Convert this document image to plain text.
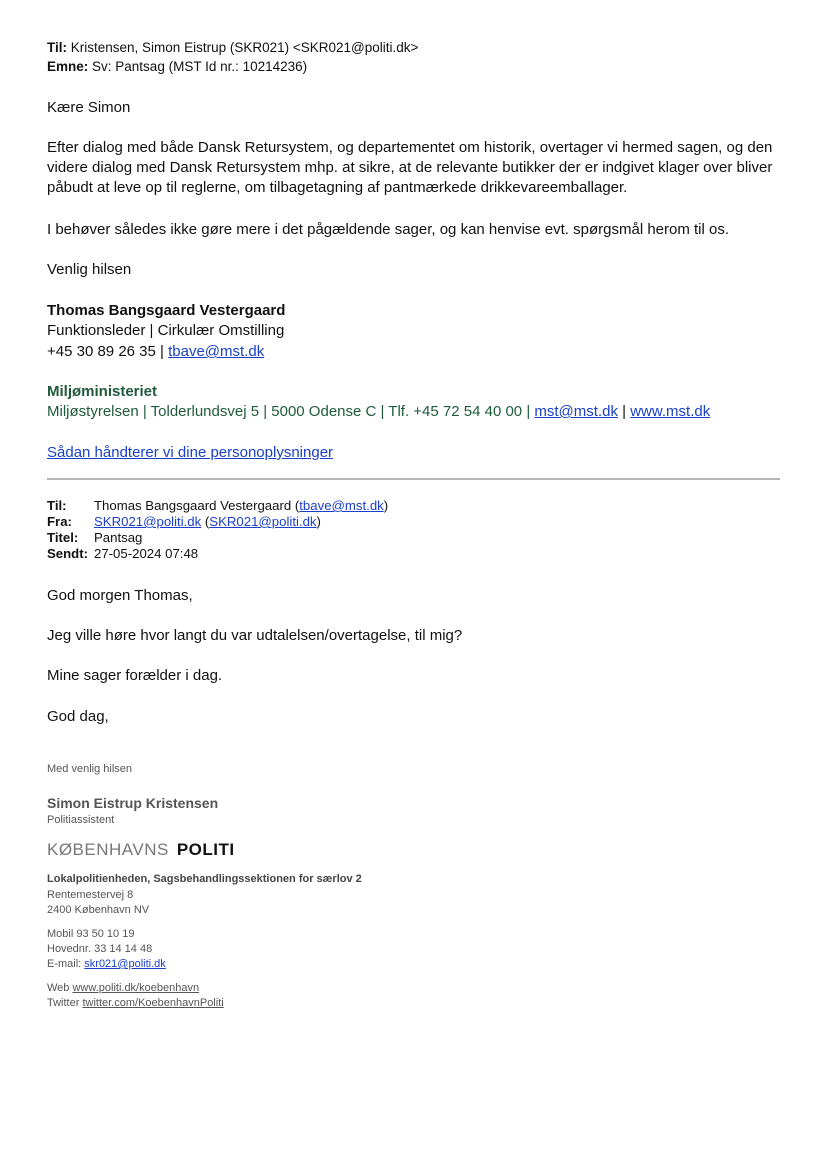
Til: Kristensen, Simon Eistrup (SKR021) <SKR021@politi.dk>
Emne: Sv: Pantsag (MST Id nr.: 10214236)
Kære Simon
Efter dialog med både Dansk Retursystem, og departementet om historik, overtager vi hermed sagen, og den videre dialog med Dansk Retursystem mhp. at sikre, at de relevante butikker der er indgivet klager over bliver påbudt at leve op til reglerne, om tilbagetagning af pantmærkede drikkevareemballager.
I behøver således ikke gøre mere i det pågældende sager, og kan henvise evt. spørgsmål herom til os.
Venlig hilsen
Thomas Bangsgaard Vestergaard
Funktionsleder | Cirkulær Omstilling
+45 30 89 26 35 | tbave@mst.dk
Miljøministeriet
Miljøstyrelsen | Tolderlundsvej 5 | 5000 Odense C | Tlf. +45 72 54 40 00 | mst@mst.dk | www.mst.dk
Sådan håndterer vi dine personoplysninger
Til: Thomas Bangsgaard Vestergaard (tbave@mst.dk)
Fra: SKR021@politi.dk (SKR021@politi.dk)
Titel: Pantsag
Sendt: 27-05-2024 07:48
God morgen Thomas,
Jeg ville høre hvor langt du var udtalelsen/overtagelse, til mig?
Mine sager forælder i dag.
God dag,
Med venlig hilsen
Simon Eistrup Kristensen
Politiassistent
KØBENHAVNS POLITI
Lokalpolitienheden, Sagsbehandlingssektionen for særlov 2
Rentemestervej 8
2400 København NV
Mobil 93 50 10 19
Hovednr. 33 14 14 48
E-mail: skr021@politi.dk
Web www.politi.dk/koebenhavn
Twitter twitter.com/KoebenhavnPoliti
